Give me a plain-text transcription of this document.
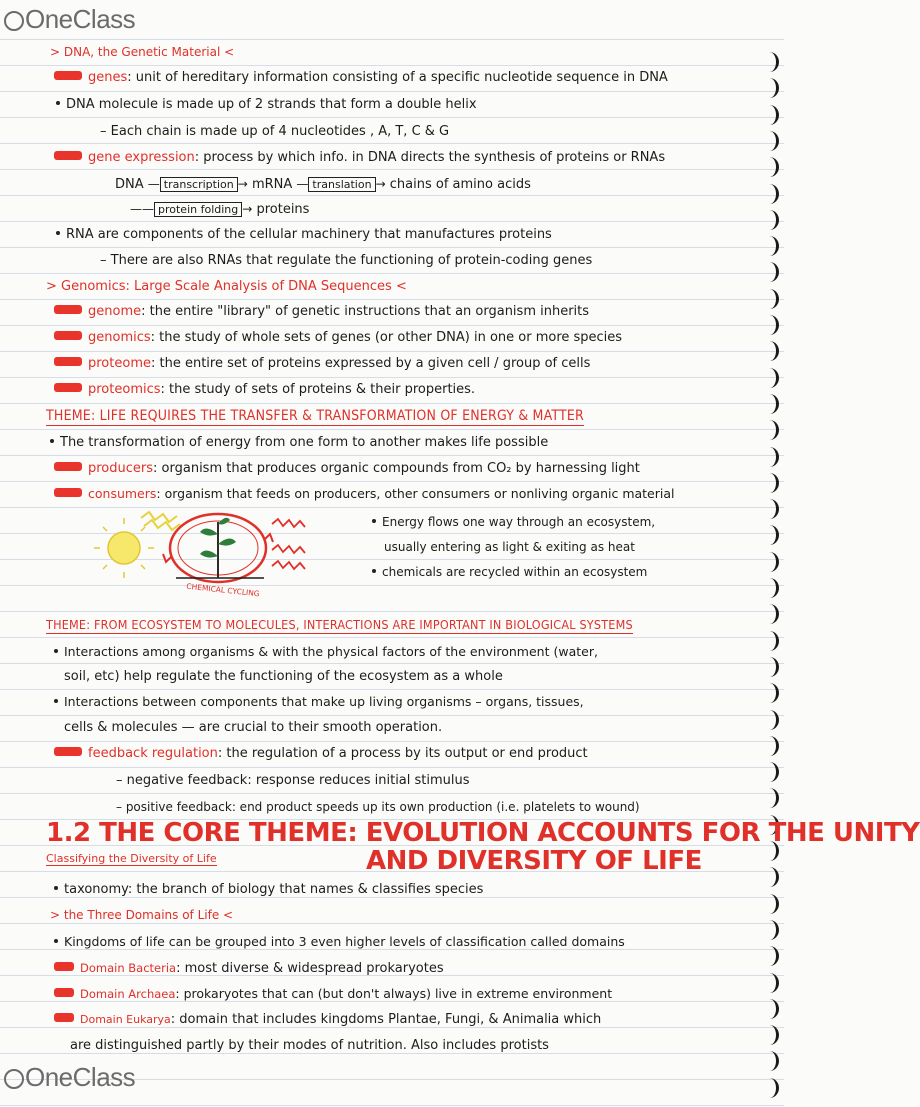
OneClass
> DNA, the Genetic Material <
genes: unit of hereditary information consisting of a specific nucleotide sequence in DNA
DNA molecule is made up of 2 strands that form a double helix
– Each chain is made up of 4 nucleotides , A, T, C & G
gene expression: process by which info. in DNA directs the synthesis of proteins or RNAs
DNA — transcription → mRNA — translation → chains of amino acids
—— protein folding → proteins
RNA are components of the cellular machinery that manufactures proteins
– There are also RNAs that regulate the functioning of protein-coding genes
> Genomics: Large Scale Analysis of DNA Sequences <
genome: the entire "library" of genetic instructions that an organism inherits
genomics: the study of whole sets of genes (or other DNA) in one or more species
proteome: the entire set of proteins expressed by a given cell / group of cells
proteomics: the study of sets of proteins & their properties.
THEME: LIFE REQUIRES THE TRANSFER & TRANSFORMATION OF ENERGY & MATTER
The transformation of energy from one form to another makes life possible
producers: organism that produces organic compounds from CO₂ by harnessing light
consumers: organism that feeds on producers, other consumers or nonliving organic material
CHEMICAL CYCLING
Energy flows one way through an ecosystem,
usually entering as light & exiting as heat
chemicals are recycled within an ecosystem
THEME: FROM ECOSYSTEM TO MOLECULES, INTERACTIONS ARE IMPORTANT IN BIOLOGICAL SYSTEMS
Interactions among organisms & with the physical factors of the environment (water,
soil, etc) help regulate the functioning of the ecosystem as a whole
Interactions between components that make up living organisms – organs, tissues,
cells & molecules — are crucial to their smooth operation.
feedback regulation: the regulation of a process by its output or end product
– negative feedback: response reduces initial stimulus
– positive feedback: end product speeds up its own production (i.e. platelets to wound)
1.2 THE CORE THEME: EVOLUTION ACCOUNTS FOR THE UNITY
AND DIVERSITY OF LIFE
Classifying the Diversity of Life
taxonomy: the branch of biology that names & classifies species
> the Three Domains of Life <
Kingdoms of life can be grouped into 3 even higher levels of classification called domains
Domain Bacteria: most diverse & widespread prokaryotes
Domain Archaea: prokaryotes that can (but don't always) live in extreme environment
Domain Eukarya: domain that includes kingdoms Plantae, Fungi, & Animalia which
are distinguished partly by their modes of nutrition. Also includes protists
OneClass
